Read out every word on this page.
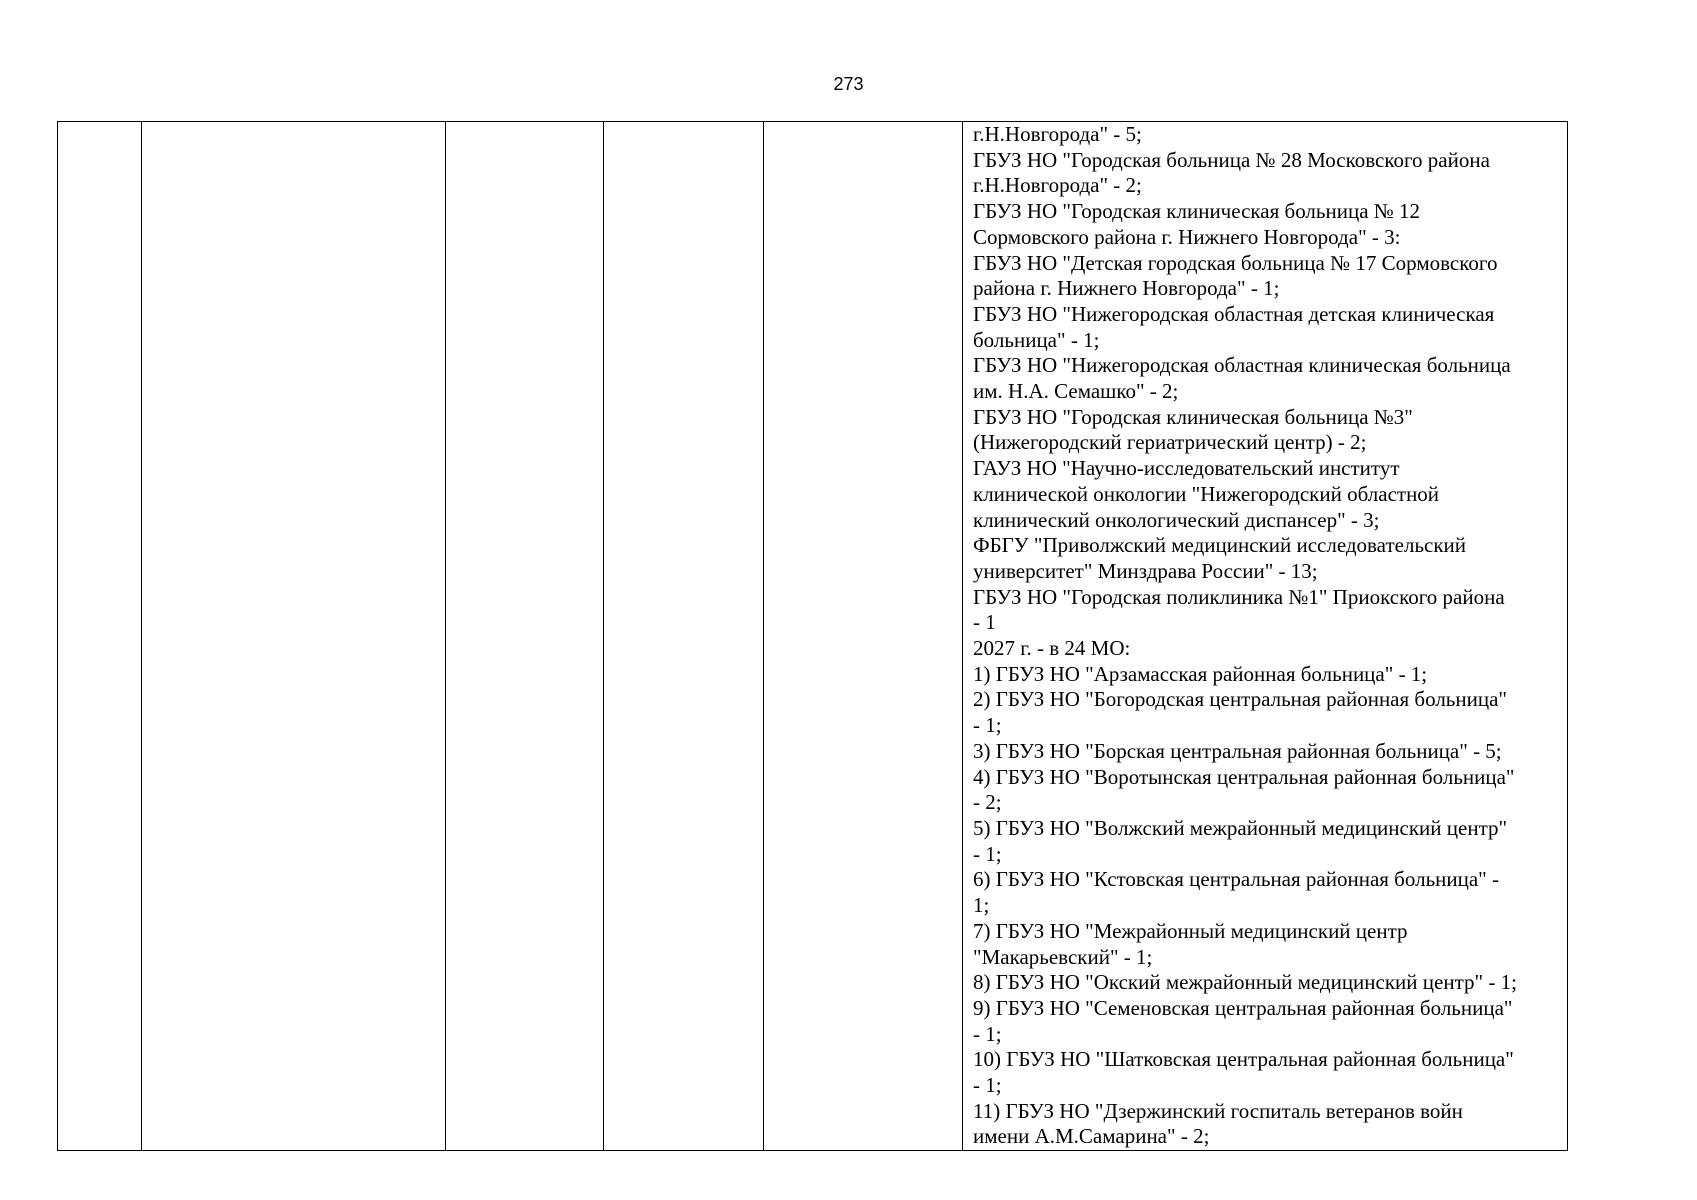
273
					г.Н.Новгорода" - 5;
ГБУЗ НО "Городская больница № 28 Московского района
г.Н.Новгорода" - 2;
ГБУЗ НО "Городская клиническая больница № 12
Сормовского района г. Нижнего Новгорода" - 3:
ГБУЗ НО "Детская городская больница № 17 Сормовского
района г. Нижнего Новгорода" - 1;
ГБУЗ НО "Нижегородская областная детская клиническая
больница" - 1;
ГБУЗ НО "Нижегородская областная клиническая больница
им. Н.А. Семашко" - 2;
ГБУЗ НО "Городская клиническая больница №3"
(Нижегородский гериатрический центр) - 2;
ГАУЗ НО "Научно-исследовательский институт
клинической онкологии "Нижегородский областной
клинический онкологический диспансер" - 3;
ФБГУ "Приволжский медицинский исследовательский
университет" Минздрава России" - 13;
ГБУЗ НО "Городская поликлиника №1" Приокского района
- 1
2027 г. - в 24 МО:
1) ГБУЗ НО "Арзамасская районная больница" - 1;
2) ГБУЗ НО "Богородская центральная районная больница"
- 1;
3) ГБУЗ НО "Борская центральная районная больница" - 5;
4) ГБУЗ НО "Воротынская центральная районная больница"
- 2;
5) ГБУЗ НО "Волжский межрайонный медицинский центр"
- 1;
6) ГБУЗ НО "Кстовская центральная районная больница" -
1;
7) ГБУЗ НО "Межрайонный медицинский центр
"Макарьевский" - 1;
8) ГБУЗ НО "Окский межрайонный медицинский центр" - 1;
9) ГБУЗ НО "Семеновская центральная районная больница"
- 1;
10) ГБУЗ НО "Шатковская центральная районная больница"
- 1;
11) ГБУЗ НО "Дзержинский госпиталь ветеранов войн
имени А.М.Самарина" - 2;
